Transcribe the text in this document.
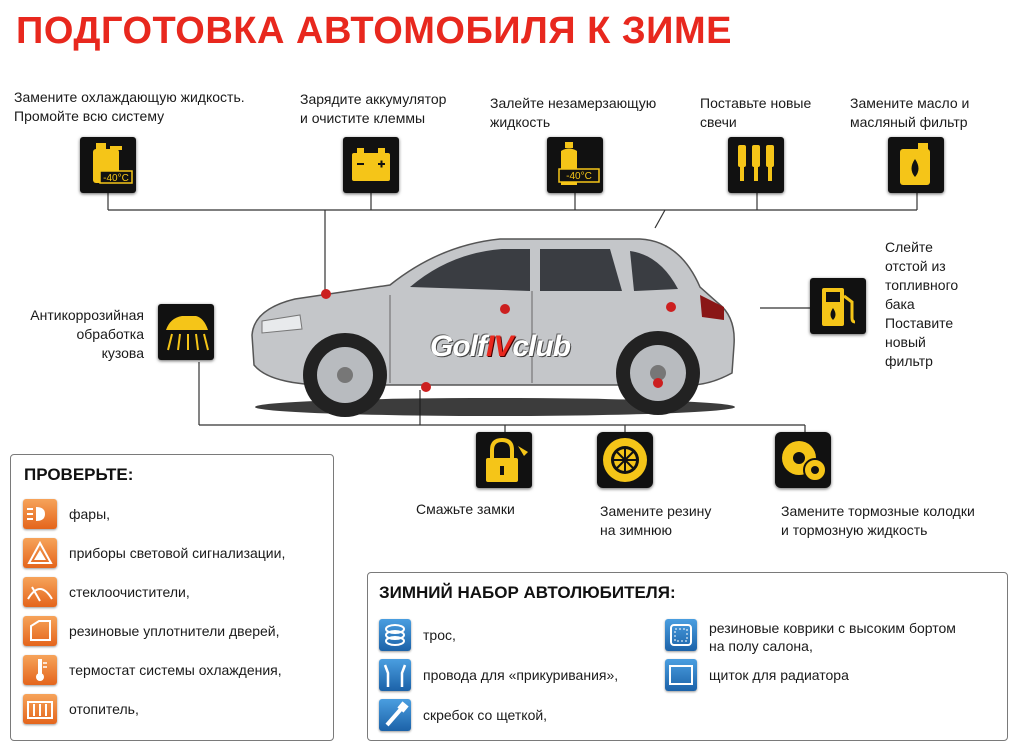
ПОДГОТОВКА АВТОМОБИЛЯ К ЗИМЕ
Замените охлаждающую жидкость.
Промойте всю систему
-40°С
Зарядите аккумулятор
и очистите клеммы
Залейте незамерзающую
жидкость
-40°С
Поставьте новые
свечи
Замените масло и
масляный фильтр
GolfIVclub
Слейте
отстой из
топливного
бака
Поставите
новый
фильтр
Антикоррозийная
обработка
кузова
Смажьте замки	Замените резину
на зимнюю
Замените тормозные колодки
и тормозную жидкость
ПРОВЕРЬТЕ:
фары,
приборы световой сигнализации,
стеклоочистители,
резиновые уплотнители дверей,
термостат системы охлаждения,
отопитель,
ЗИМНИЙ НАБОР АВТОЛЮБИТЕЛЯ:
трос,
провода для «прикуривания»,
скребок со щеткой,
резиновые коврики с высоким бортом
на полу салона,
щиток для радиатора
